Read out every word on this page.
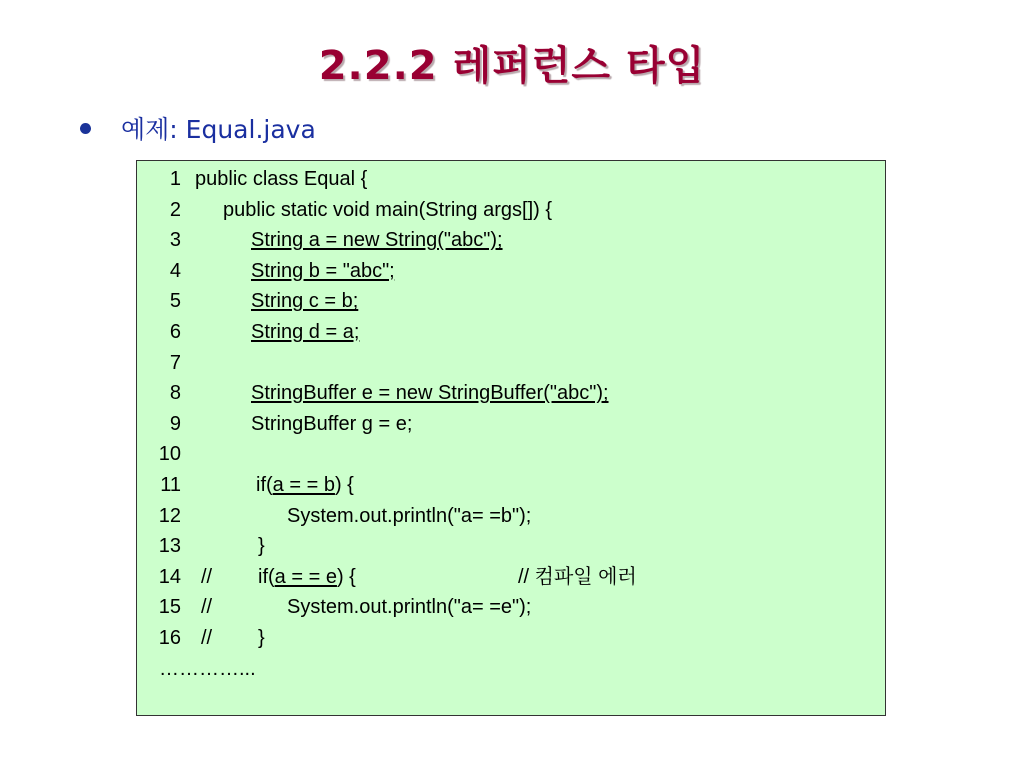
2.2.2 레퍼런스 타입
예제: Equal.java
1 public class Equal {
2 public static void main(String args[]) {
3	String a = new String("abc");
4	String b = "abc";
5	String c = b;
6	String d = a;
7
8	StringBuffer e = new StringBuffer("abc");
9	StringBuffer g = e;
10
11	if( a = = b ) {
12	System.out.println("a= =b");
13	}
14 // if( a = = e ) {	// 컴파일 에러
15 //	System.out.println("a= =e");
16 // }
…………...
